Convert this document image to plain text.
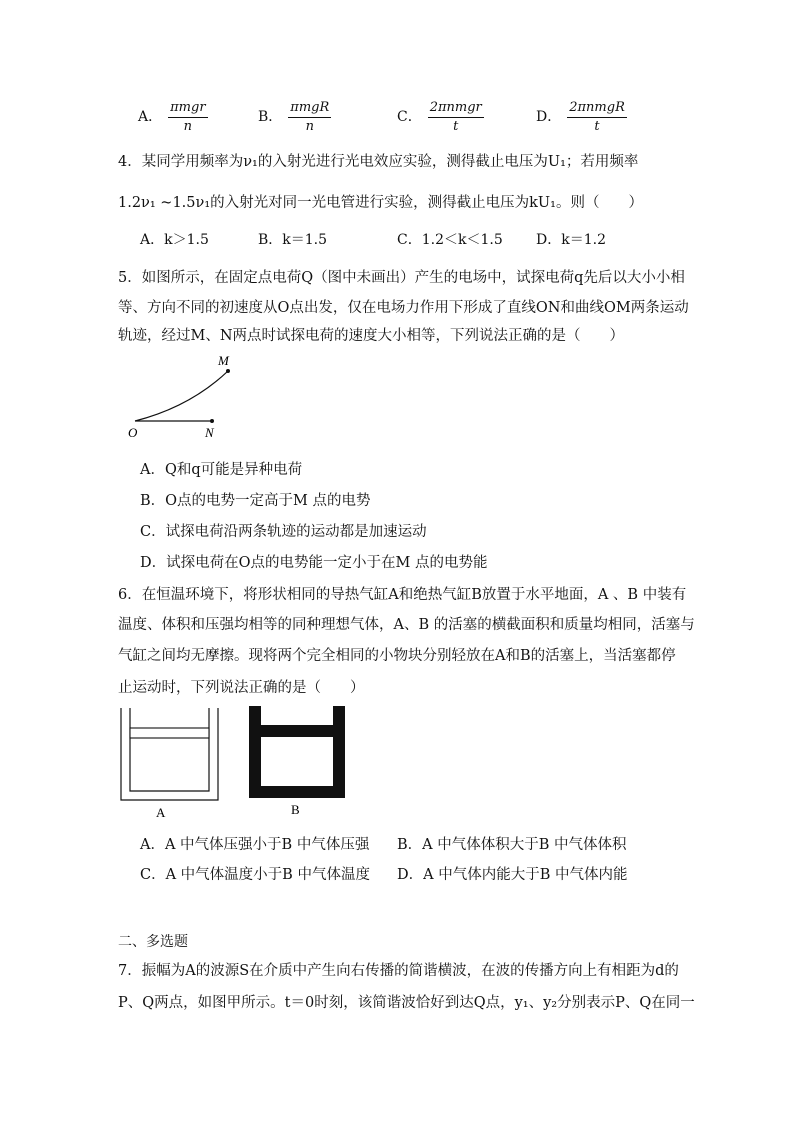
A． $\frac{\text{πmgr}}{n}$	B． $\frac{\text{πmgR}}{n}$	C． $\frac{\text{2πnmgr}}{t}$	D． $\frac{\text{2πnmgR}}{t}$
4．某同学用频率为ν₁的入射光进行光电效应实验，测得截止电压为U₁；若用频率
1.2ν₁ ~1.5ν₁的入射光对同一光电管进行实验，测得截止电压为kU₁。则（　　）
A．k＞1.5	B．k＝1.5	C．1.2＜k＜1.5 D．k＝1.2
5．如图所示，在固定点电荷Q（图中未画出）产生的电场中，试探电荷q先后以大小小相
等、方向不同的初速度从O点出发，仅在电场力作用下形成了直线ON和曲线OM两条运动
轨迹，经过M、N两点时试探电荷的速度大小相等，下列说法正确的是（　　）
M
O	N
A．Q和q可能是异种电荷
B．O点的电势一定高于M 点的电势
C．试探电荷沿两条轨迹的运动都是加速运动
D．试探电荷在O点的电势能一定小于在M 点的电势能
6．在恒温环境下，将形状相同的导热气缸A和绝热气缸B放置于水平地面，A 、B 中装有
温度、体积和压强均相等的同种理想气体，A、B 的活塞的横截面积和质量均相同，活塞与
气缸之间均无摩擦。现将两个完全相同的小物块分别轻放在A和B的活塞上，当活塞都停
止运动时，下列说法正确的是（　　）
A	B
A．A 中气体压强小于B 中气体压强 B．A 中气体体积大于B 中气体体积
C．A 中气体温度小于B 中气体温度 D．A 中气体内能大于B 中气体内能
二、多选题
7．振幅为A的波源S在介质中产生向右传播的简谐横波，在波的传播方向上有相距为d的
P、Q两点，如图甲所示。t＝0时刻，该简谐波恰好到达Q点，y₁、y₂分别表示P、Q在同一
